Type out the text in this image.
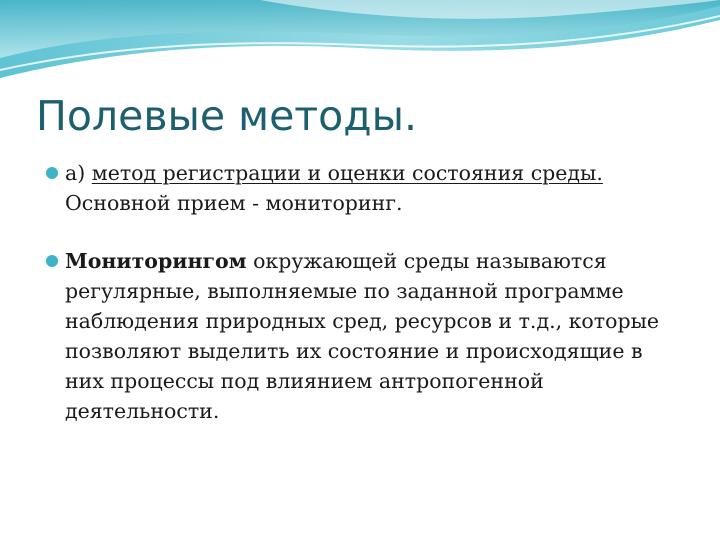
Полевые методы.
а) метод регистрации и оценки состояния среды.
Основной прием - мониторинг.
Мониторингом окружающей среды называются регулярные, выполняемые по заданной программе наблюдения природных сред, ресурсов и т.д., которые позволяют выделить их состояние и происходящие в них процессы под влиянием антропогенной деятельности.
